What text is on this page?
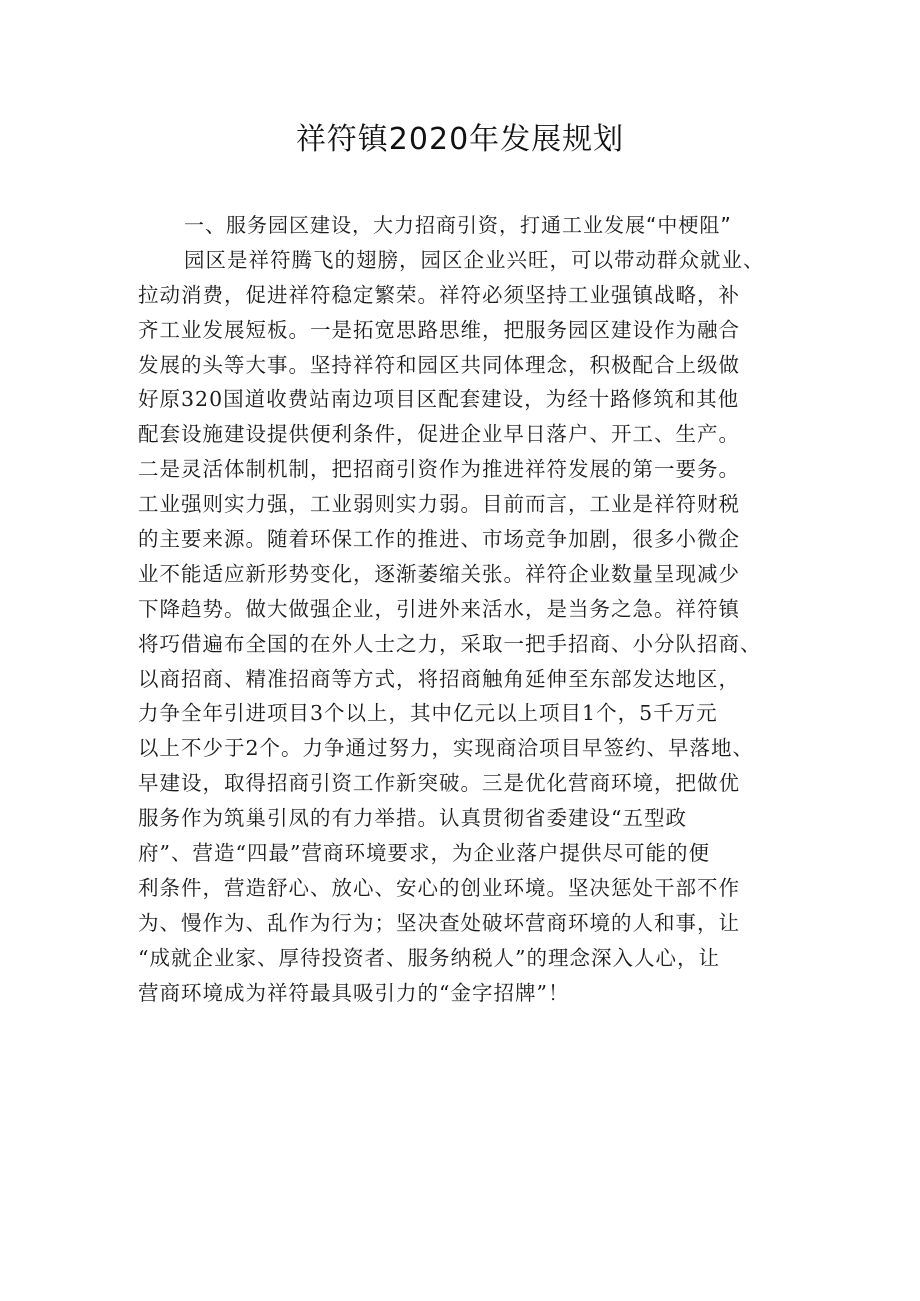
祥符镇2020年发展规划
一、服务园区建设，大力招商引资，打通工业发展“中梗阻”
园区是祥符腾飞的翅膀，园区企业兴旺，可以带动群众就业、
拉动消费，促进祥符稳定繁荣。祥符必须坚持工业强镇战略，补
齐工业发展短板。一是拓宽思路思维，把服务园区建设作为融合
发展的头等大事。坚持祥符和园区共同体理念，积极配合上级做
好原320国道收费站南边项目区配套建设，为经十路修筑和其他
配套设施建设提供便利条件，促进企业早日落户、开工、生产。
二是灵活体制机制，把招商引资作为推进祥符发展的第一要务。
工业强则实力强，工业弱则实力弱。目前而言，工业是祥符财税
的主要来源。随着环保工作的推进、市场竞争加剧，很多小微企
业不能适应新形势变化，逐渐萎缩关张。祥符企业数量呈现减少
下降趋势。做大做强企业，引进外来活水，是当务之急。祥符镇
将巧借遍布全国的在外人士之力，采取一把手招商、小分队招商、
以商招商、精准招商等方式，将招商触角延伸至东部发达地区，
力争全年引进项目3个以上，其中亿元以上项目1个，5千万元
以上不少于2个。力争通过努力，实现商洽项目早签约、早落地、
早建设，取得招商引资工作新突破。三是优化营商环境，把做优
服务作为筑巢引凤的有力举措。认真贯彻省委建设“五型政
府”、营造“四最”营商环境要求，为企业落户提供尽可能的便
利条件，营造舒心、放心、安心的创业环境。坚决惩处干部不作
为、慢作为、乱作为行为；坚决查处破坏营商环境的人和事，让
“成就企业家、厚待投资者、服务纳税人”的理念深入人心，让
营商环境成为祥符最具吸引力的“金字招牌”！
